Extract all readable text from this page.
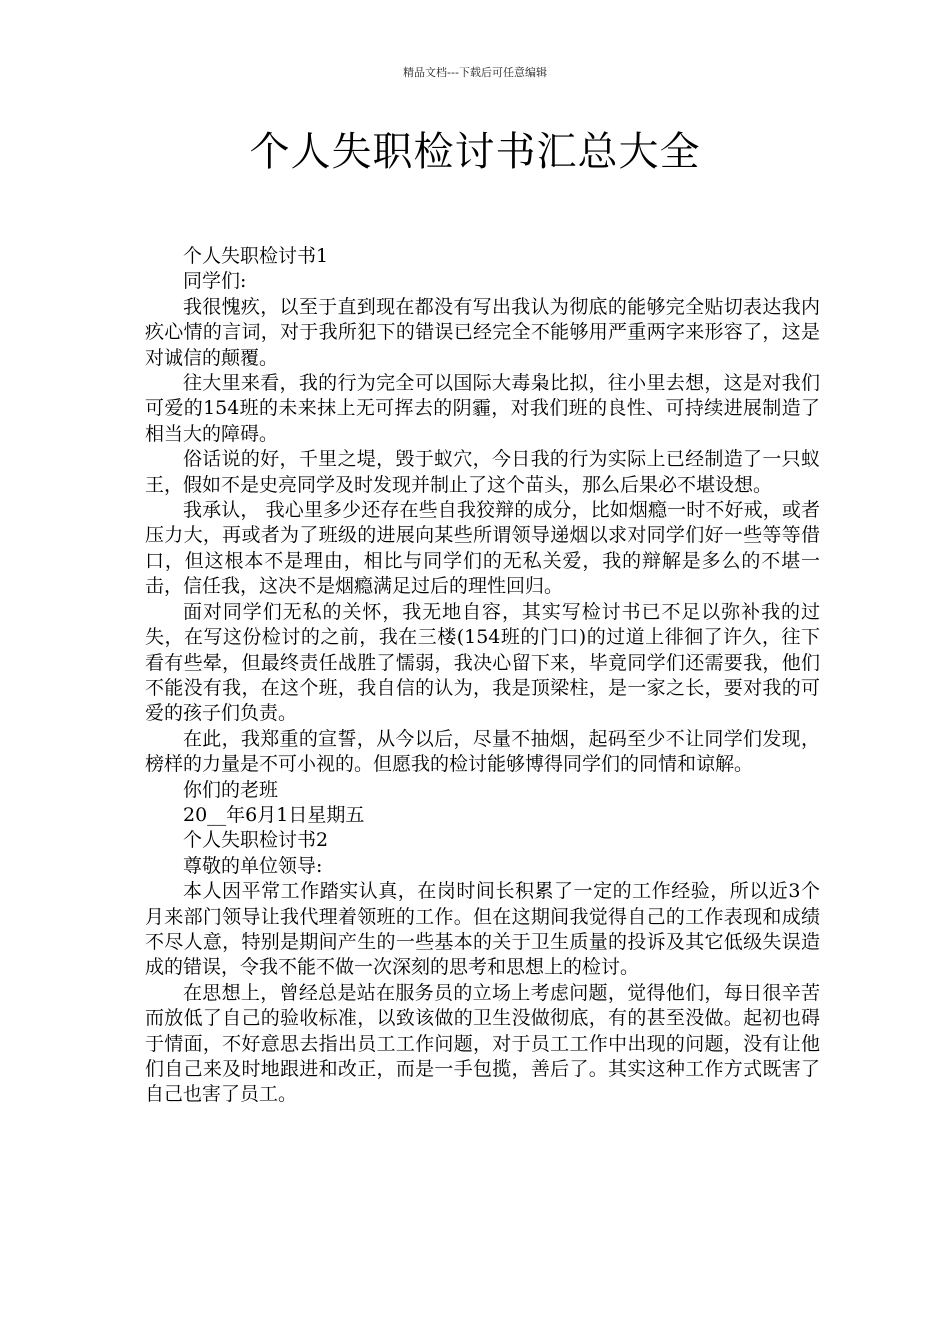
精品文档---下载后可任意编辑
个人失职检讨书汇总大全

个人失职检讨书1

同学们:

我很愧疚，以至于直到现在都没有写出我认为彻底的能够完全贴切表达我内疚心情的言词，对于我所犯下的错误已经完全不能够用严重两字来形容了，这是对诚信的颠覆。

往大里来看，我的行为完全可以国际大毒枭比拟，往小里去想，这是对我们可爱的154班的未来抹上无可挥去的阴霾，对我们班的良性、可持续进展制造了相当大的障碍。

俗话说的好，千里之堤，毁于蚁穴，今日我的行为实际上已经制造了一只蚁王，假如不是史亮同学及时发现并制止了这个苗头，那么后果必不堪设想。

我承认， 我心里多少还存在些自我狡辩的成分，比如烟瘾一时不好戒，或者压力大，再或者为了班级的进展向某些所谓领导递烟以求对同学们好一些等等借口，但这根本不是理由，相比与同学们的无私关爱，我的辩解是多么的不堪一击，信任我，这决不是烟瘾满足过后的理性回归。

面对同学们无私的关怀，我无地自容，其实写检讨书已不足以弥补我的过失，在写这份检讨的之前，我在三楼(154班的门口)的过道上徘徊了许久，往下看有些晕，但最终责任战胜了懦弱，我决心留下来，毕竟同学们还需要我，他们不能没有我，在这个班，我自信的认为，我是顶梁柱，是一家之长，要对我的可爱的孩子们负责。

在此，我郑重的宣誓，从今以后，尽量不抽烟，起码至少不让同学们发现，榜样的力量是不可小视的。但愿我的检讨能够博得同学们的同情和谅解。

你们的老班

20__年6月1日星期五

个人失职检讨书2

尊敬的单位领导:

本人因平常工作踏实认真，在岗时间长积累了一定的工作经验，所以近3个月来部门领导让我代理着领班的工作。但在这期间我觉得自己的工作表现和成绩不尽人意，特别是期间产生的一些基本的关于卫生质量的投诉及其它低级失误造成的错误，令我不能不做一次深刻的思考和思想上的检讨。

在思想上，曾经总是站在服务员的立场上考虑问题，觉得他们，每日很辛苦而放低了自己的验收标准，以致该做的卫生没做彻底，有的甚至没做。起初也碍于情面，不好意思去指出员工工作问题，对于员工工作中出现的问题，没有让他们自己来及时地跟进和改正，而是一手包揽，善后了。其实这种工作方式既害了自己也害了员工。
